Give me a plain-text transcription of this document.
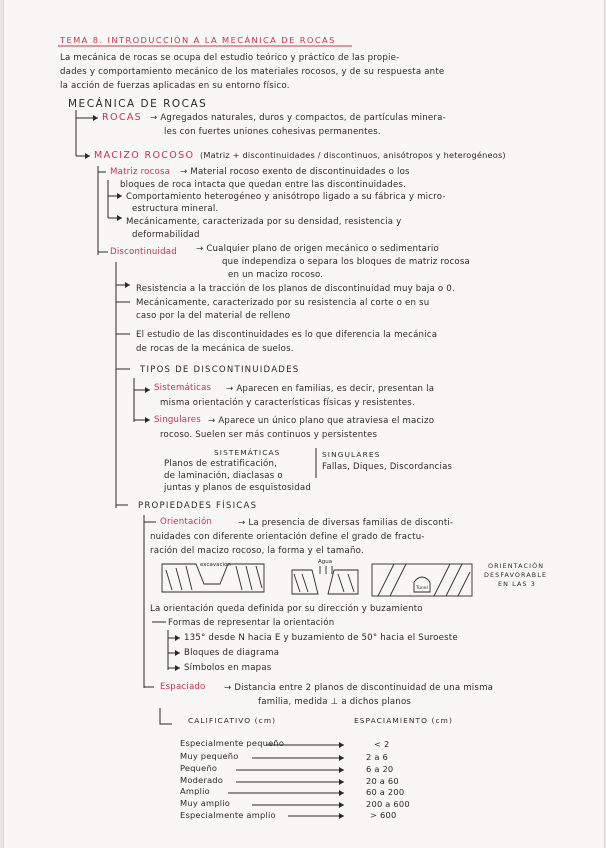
TEMA 8. INTRODUCCIÓN A LA MECÁNICA DE ROCAS
La mecánica de rocas se ocupa del estudio teórico y práctico de las propie-
dades y comportamiento mecánico de los materiales rocosos, y de su respuesta ante
la acción de fuerzas aplicadas en su entorno físico.
MECÁNICA DE ROCAS
ROCAS → Agregados naturales, duros y compactos, de partículas minera-
les con fuertes uniones cohesivas permanentes.
MACIZO ROCOSO (Matriz + discontinuidades / discontinuos, anisótropos y heterogéneos)
Matriz rocosa → Material rocoso exento de discontinuidades o los
bloques de roca intacta que quedan entre las discontinuidades.
Comportamiento heterogéneo y anisótropo ligado a su fábrica y micro-
estructura mineral.
Mecánicamente, caracterizada por su densidad, resistencia y
deformabilidad
Discontinuidad → Cualquier plano de origen mecánico o sedimentario
que independiza o separa los bloques de matriz rocosa
en un macizo rocoso.
Resistencia a la tracción de los planos de discontinuidad muy baja o 0.
Mecánicamente, caracterizado por su resistencia al corte o en su
caso por la del material de relleno
El estudio de las discontinuidades es lo que diferencia la mecánica
de rocas de la mecánica de suelos.
TIPOS DE DISCONTINUIDADES
Sistemáticas → Aparecen en familias, es decir, presentan la
misma orientación y características físicas y resistentes.
Singulares → Aparece un único plano que atraviesa el macizo
rocoso. Suelen ser más continuos y persistentes
SISTEMÁTICAS
Planos de estratificación,
de laminación, diaclasas o
juntas y planos de esquistosidad
SINGULARES
Fallas, Diques, Discordancias
PROPIEDADES FÍSICAS
Orientación	→ La presencia de diversas familias de disconti-
nuidades con diferente orientación define el grado de fractu-
ración del macizo rocoso, la forma y el tamaño.
excavación	Agua
Túnel
ORIENTACIÓN
DESFAVORABLE
EN LAS 3
La orientación queda definida por su dirección y buzamiento
Formas de representar la orientación
135° desde N hacia E y buzamiento de 50° hacia el Suroeste
Bloques de diagrama
Símbolos en mapas
Espaciado → Distancia entre 2 planos de discontinuidad de una misma
familia, medida ⊥ a dichos planos
CALIFICATIVO (cm)	ESPACIAMIENTO (cm)
Especialmente pequeño	< 2
Muy pequeño	2 a 6
Pequeño	6 a 20
Moderado	20 a 60
Amplio	60 a 200
Muy amplio	200 a 600
Especialmente amplio	> 600
